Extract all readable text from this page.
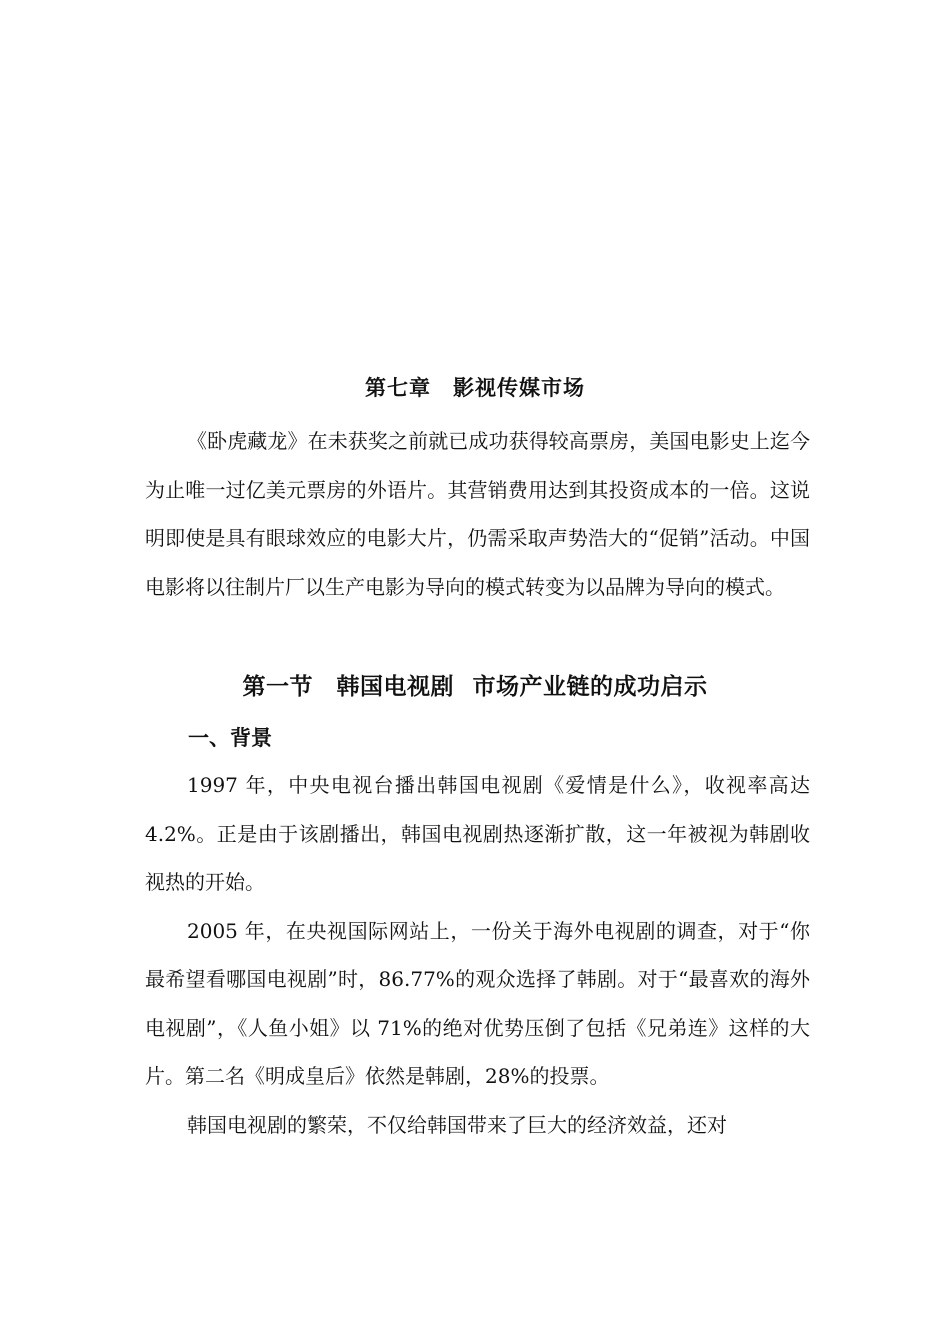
第七章　影视传媒市场

《卧虎藏龙》在未获奖之前就已成功获得较高票房，美国电影史上迄今为止唯一过亿美元票房的外语片。其营销费用达到其投资成本的一倍。这说明即使是具有眼球效应的电影大片，仍需采取声势浩大的“促销”活动。中国电影将以往制片厂以生产电影为导向的模式转变为以品牌为导向的模式。

第一节　韩国电视剧 市场产业链的成功启示
一、背景

1997 年，中央电视台播出韩国电视剧《爱情是什么》，收视率高达 4.2%。正是由于该剧播出，韩国电视剧热逐渐扩散，这一年被视为韩剧收视热的开始。

2005 年，在央视国际网站上，一份关于海外电视剧的调查，对于“你最希望看哪国电视剧”时，86.77%的观众选择了韩剧。对于“最喜欢的海外电视剧”，《人鱼小姐》以 71%的绝对优势压倒了包括《兄弟连》这样的大片。第二名《明成皇后》依然是韩剧，28%的投票。

韩国电视剧的繁荣，不仅给韩国带来了巨大的经济效益，还对
